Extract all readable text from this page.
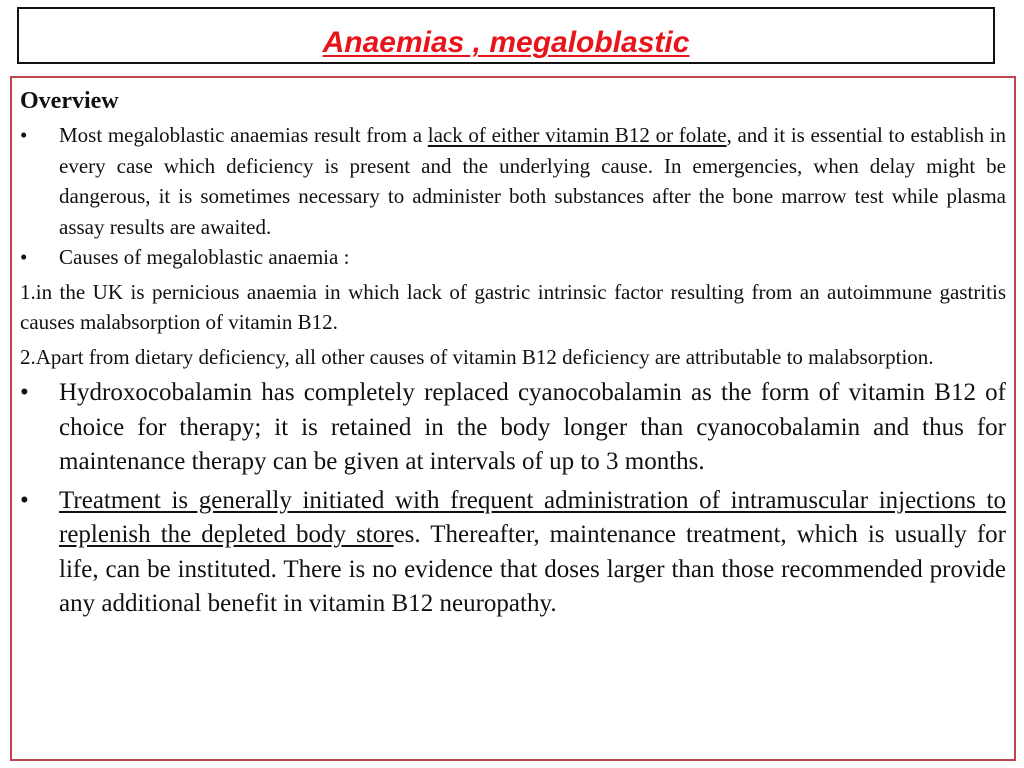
Anaemias , megaloblastic
Overview
• Most megaloblastic anaemias result from a lack of either vitamin B12 or folate, and it is essential to establish in every case which deficiency is present and the underlying cause. In emergencies, when delay might be dangerous, it is sometimes necessary to administer both substances after the bone marrow test while plasma assay results are awaited.
• Causes of megaloblastic anaemia :
1.in the UK is pernicious anaemia in which lack of gastric intrinsic factor resulting from an autoimmune gastritis causes malabsorption of vitamin B12.
2.Apart from dietary deficiency, all other causes of vitamin B12 deficiency are attributable to malabsorption.
• Hydroxocobalamin has completely replaced cyanocobalamin as the form of vitamin B12 of choice for therapy; it is retained in the body longer than cyanocobalamin and thus for maintenance therapy can be given at intervals of up to 3 months.
• Treatment is generally initiated with frequent administration of intramuscular injections to replenish the depleted body stores. Thereafter, maintenance treatment, which is usually for life, can be instituted. There is no evidence that doses larger than those recommended provide any additional benefit in vitamin B12 neuropathy.
